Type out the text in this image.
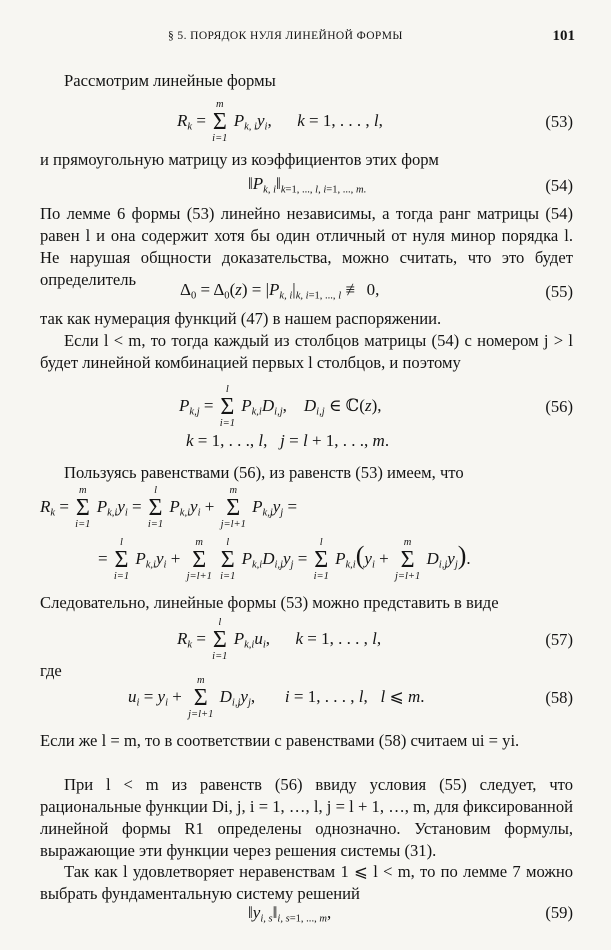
§ 5. ПОРЯДОК НУЛЯ ЛИНЕЙНОЙ ФОРМЫ	101
Рассмотрим линейные формы
$R_k$ =
m
Σ
i=1
$P_{k, i}y_i$,      k = 1, . . . , l,	(53)
и прямоугольную матрицу из коэффициентов этих форм
$‖P_{k, i}‖_{k=1, ..., l, i=1, ..., m.}$	(54)
По лемме 6 формы (53) линейно независимы, а тогда ранг матрицы (54) равен l и она содержит хотя бы один отличный от нуля минор порядка l. Не нарушая общности доказательства, можно считать, что это будет определитель
$\Delta_0 = \Delta_0(z) = |P_{k, i}|_{k, i=1, ..., l}$ ≢ 0,	(55)
так как нумерация функций (47) в нашем распоряжении.
Если l < m, то тогда каждый из столбцов матрицы (54) с номером j > l будет линейной комбинацией первых l столбцов, и поэтому
$P_{k,j}$ =
l
Σ
i=1
$P_{k,i}D_{i,j}$,    $D_{i,j}$ ∈ ℂ(z),
k = 1, . . ., l,   j = l + 1, . . ., m.
(56)
Пользуясь равенствами (56), из равенств (53) имеем, что
$R_k$ =
m
Σ
i=1
$P_{k,i}y_i$ =
l
Σ
i=1
$P_{k,i}y_i$ +
m
Σ
j=l+1
$P_{k,j}y_j$ =
=
l
Σ
i=1
$P_{k,i}y_i$ +
m
Σ
j=l+1

l
Σ
i=1
$P_{k,i}D_{i,j}y_j$ =
l
Σ
i=1
$P_{k,i}(y_i$ +
m
Σ
j=l+1
$D_{i,j}y_j$).
Следовательно, линейные формы (53) можно представить в виде
$R_k$ =
l
Σ
i=1
$P_{k,i}u_i$,      k = 1, . . . , l,	(57)
где
$u_i = y_i$ +
m
Σ
j=l+1
$D_{i,j}y_j$,       i = 1, . . . , l,   l ⩽ m.	(58)
Если же l = m, то в соответствии с равенствами (58) считаем ui = yi.
При l < m из равенств (56) ввиду условия (55) следует, что рациональные функции Di, j, i = 1, …, l, j = l + 1, …, m, для фиксированной линейной формы R1 определены однозначно. Установим формулы, выражающие эти функции через решения системы (31).
Так как l удовлетворяет неравенствам 1 ⩽ l < m, то по лемме 7 можно выбрать фундаментальную систему решений
$‖y_{i, s}‖_{i, s=1, ..., m}$,	(59)
